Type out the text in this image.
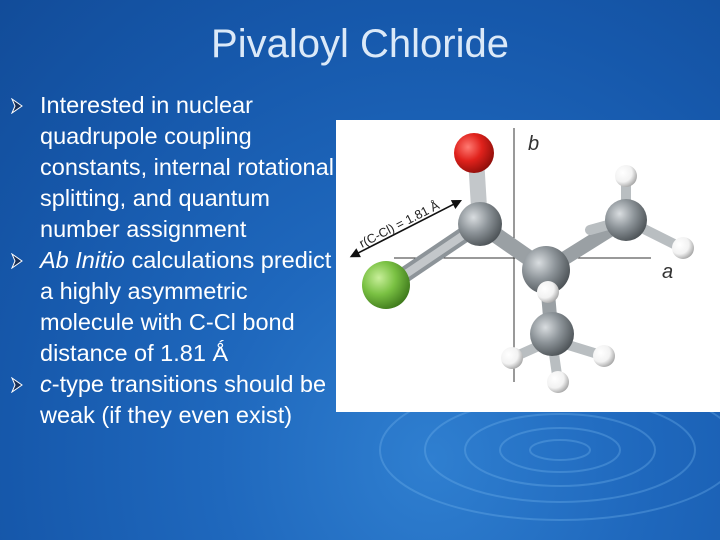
Pivaloyl Chloride
Interested in nuclear quadrupole coupling constants, internal rotational splitting, and quantum number assignment
Ab Initio calculations predict a highly asymmetric molecule with C-Cl bond distance of 1.81 Ǻ
c-type transitions should be weak (if they even exist)
b
a
r(C-Cl) = 1.81 Å
